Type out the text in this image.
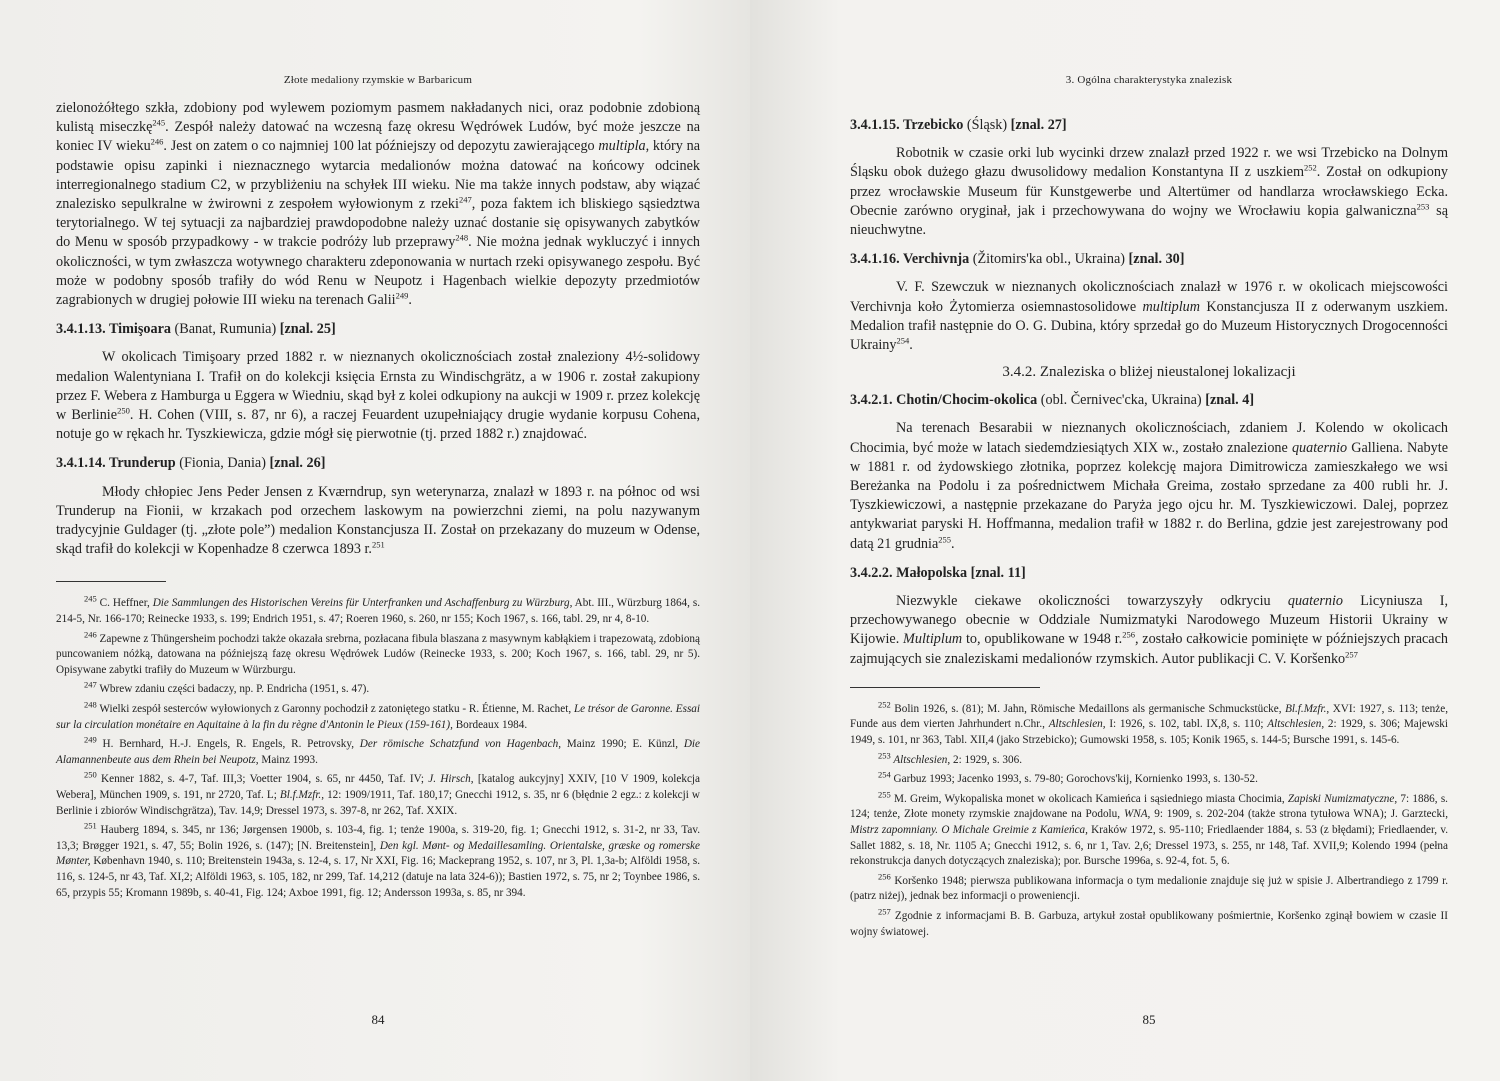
Złote medaliony rzymskie w Barbaricum

zielonożółtego szkła, zdobiony pod wylewem poziomym pasmem nakładanych nici, oraz podobnie zdobioną kulistą miseczkę$^{245}$. Zespół należy datować na wczesną fazę okresu Wędrówek Ludów, być może jeszcze na koniec IV wieku$^{246}$. Jest on zatem o co najmniej 100 lat późniejszy od depozytu zawierającego multipla, który na podstawie opisu zapinki i nieznacznego wytarcia medalionów można datować na końcowy odcinek interregionalnego stadium C2, w przybliżeniu na schyłek III wieku. Nie ma także innych podstaw, aby wiązać znalezisko sepulkralne w żwirowni z zespołem wyłowionym z rzeki$^{247}$, poza faktem ich bliskiego sąsiedztwa terytorialnego. W tej sytuacji za najbardziej prawdopodobne należy uznać dostanie się opisywanych zabytków do Menu w sposób przypadkowy - w trakcie podróży lub przeprawy$^{248}$. Nie można jednak wykluczyć i innych okoliczności, w tym zwłaszcza wotywnego charakteru zdeponowania w nurtach rzeki opisywanego zespołu. Być może w podobny sposób trafiły do wód Renu w Neupotz i Hagenbach wielkie depozyty przedmiotów zagrabionych w drugiej połowie III wieku na terenach Galii$^{249}$.

3.4.1.13. Timişoara (Banat, Rumunia) [znal. 25]

W okolicach Timişoary przed 1882 r. w nieznanych okolicznościach został znaleziony 4½-solidowy medalion Walentyniana I. Trafił on do kolekcji księcia Ernsta zu Windischgrätz, a w 1906 r. został zakupiony przez F. Webera z Hamburga u Eggera w Wiedniu, skąd był z kolei odkupiony na aukcji w 1909 r. przez kolekcję w Berlinie$^{250}$. H. Cohen (VIII, s. 87, nr 6), a raczej Feuardent uzupełniający drugie wydanie korpusu Cohena, notuje go w rękach hr. Tyszkiewicza, gdzie mógł się pierwotnie (tj. przed 1882 r.) znajdować.

3.4.1.14. Trunderup (Fionia, Dania) [znal. 26]

Młody chłopiec Jens Peder Jensen z Kværndrup, syn weterynarza, znalazł w 1893 r. na północ od wsi Trunderup na Fionii, w krzakach pod orzechem laskowym na powierzchni ziemi, na polu nazywanym tradycyjnie Guldager (tj. „złote pole”) medalion Konstancjusza II. Został on przekazany do muzeum w Odense, skąd trafił do kolekcji w Kopenhadze 8 czerwca 1893 r.$^{251}$

$^{245}$ C. Heffner, Die Sammlungen des Historischen Vereins für Unterfranken und Aschaffenburg zu Würzburg, Abt. III., Würzburg 1864, s. 214-5, Nr. 166-170; Reinecke 1933, s. 199; Endrich 1951, s. 47; Roeren 1960, s. 260, nr 155; Koch 1967, s. 166, tabl. 29, nr 4, 8-10.

$^{246}$ Zapewne z Thüngersheim pochodzi także okazała srebrna, pozłacana fibula blaszana z masywnym kabłąkiem i trapezowatą, zdobioną puncowaniem nóżką, datowana na późniejszą fazę okresu Wędrówek Ludów (Reinecke 1933, s. 200; Koch 1967, s. 166, tabl. 29, nr 5). Opisywane zabytki trafiły do Muzeum w Würzburgu.

$^{247}$ Wbrew zdaniu części badaczy, np. P. Endricha (1951, s. 47).

$^{248}$ Wielki zespół sesterców wyłowionych z Garonny pochodził z zatoniętego statku - R. Étienne, M. Rachet, Le trésor de Garonne. Essai sur la circulation monétaire en Aquitaine à la fin du règne d'Antonin le Pieux (159-161), Bordeaux 1984.

$^{249}$ H. Bernhard, H.-J. Engels, R. Engels, R. Petrovsky, Der römische Schatzfund von Hagenbach, Mainz 1990; E. Künzl, Die Alamannenbeute aus dem Rhein bei Neupotz, Mainz 1993.

$^{250}$ Kenner 1882, s. 4-7, Taf. III,3; Voetter 1904, s. 65, nr 4450, Taf. IV; J. Hirsch, [katalog aukcyjny] XXIV, [10 V 1909, kolekcja Webera], München 1909, s. 191, nr 2720, Taf. L; Bl.f.Mzfr., 12: 1909/1911, Taf. 180,17; Gnecchi 1912, s. 35, nr 6 (błędnie 2 egz.: z kolekcji w Berlinie i zbiorów Windischgrätza), Tav. 14,9; Dressel 1973, s. 397-8, nr 262, Taf. XXIX.

$^{251}$ Hauberg 1894, s. 345, nr 136; Jørgensen 1900b, s. 103-4, fig. 1; tenże 1900a, s. 319-20, fig. 1; Gnecchi 1912, s. 31-2, nr 33, Tav. 13,3; Brøgger 1921, s. 47, 55; Bolin 1926, s. (147); [N. Breitenstein], Den kgl. Mønt- og Medaillesamling. Orientalske, græske og romerske Mønter, København 1940, s. 110; Breitenstein 1943a, s. 12-4, s. 17, Nr XXI, Fig. 16; Mackeprang 1952, s. 107, nr 3, Pl. 1,3a-b; Alföldi 1958, s. 116, s. 124-5, nr 43, Taf. XI,2; Alföldi 1963, s. 105, 182, nr 299, Taf. 14,212 (datuje na lata 324-6)); Bastien 1972, s. 75, nr 2; Toynbee 1986, s. 65, przypis 55; Kromann 1989b, s. 40-41, Fig. 124; Axboe 1991, fig. 12; Andersson 1993a, s. 85, nr 394.

84
3. Ogólna charakterystyka znalezisk
3.4.1.15. Trzebicko (Śląsk) [znal. 27]

Robotnik w czasie orki lub wycinki drzew znalazł przed 1922 r. we wsi Trzebicko na Dolnym Śląsku obok dużego głazu dwusolidowy medalion Konstantyna II z uszkiem$^{252}$. Został on odkupiony przez wrocławskie Museum für Kunstgewerbe und Altertümer od handlarza wrocławskiego Ecka. Obecnie zarówno oryginał, jak i przechowywana do wojny we Wrocławiu kopia galwaniczna$^{253}$ są nieuchwytne.

3.4.1.16. Verchivnja (Žitomirs'ka obl., Ukraina) [znal. 30]

V. F. Szewczuk w nieznanych okolicznościach znalazł w 1976 r. w okolicach miejscowości Verchivnja koło Żytomierza osiemnastosolidowe multiplum Konstancjusza II z oderwanym uszkiem. Medalion trafił następnie do O. G. Dubina, który sprzedał go do Muzeum Historycznych Drogocenności Ukrainy$^{254}$.

3.4.2. Znaleziska o bliżej nieustalonej lokalizacji
3.4.2.1. Chotin/Chocim-okolica (obl. Černivec'cka, Ukraina) [znal. 4]

Na terenach Besarabii w nieznanych okolicznościach, zdaniem J. Kolendo w okolicach Chocimia, być może w latach siedemdziesiątych XIX w., zostało znalezione quaternio Galliena. Nabyte w 1881 r. od żydowskiego złotnika, poprzez kolekcję majora Dimitrowicza zamieszkałego we wsi Bereżanka na Podolu i za pośrednictwem Michała Greima, zostało sprzedane za 400 rubli hr. J. Tyszkiewiczowi, a następnie przekazane do Paryża jego ojcu hr. M. Tyszkiewiczowi. Dalej, poprzez antykwariat paryski H. Hoffmanna, medalion trafił w 1882 r. do Berlina, gdzie jest zarejestrowany pod datą 21 grudnia$^{255}$.

3.4.2.2. Małopolska [znal. 11]

Niezwykle ciekawe okoliczności towarzyszyły odkryciu quaternio Licyniusza I, przechowywanego obecnie w Oddziale Numizmatyki Narodowego Muzeum Historii Ukrainy w Kijowie. Multiplum to, opublikowane w 1948 r.$^{256}$, zostało całkowicie pominięte w późniejszych pracach zajmujących sie znaleziskami medalionów rzymskich. Autor publikacji C. V. Koršenko$^{257}$

$^{252}$ Bolin 1926, s. (81); M. Jahn, Römische Medaillons als germanische Schmuckstücke, Bl.f.Mzfr., XVI: 1927, s. 113; tenże, Funde aus dem vierten Jahrhundert n.Chr., Altschlesien, I: 1926, s. 102, tabl. IX,8, s. 110; Altschlesien, 2: 1929, s. 306; Majewski 1949, s. 101, nr 363, Tabl. XII,4 (jako Strzebicko); Gumowski 1958, s. 105; Konik 1965, s. 144-5; Bursche 1991, s. 145-6.

$^{253}$ Altschlesien, 2: 1929, s. 306.

$^{254}$ Garbuz 1993; Jacenko 1993, s. 79-80; Gorochovs'kij, Kornienko 1993, s. 130-52.

$^{255}$ M. Greim, Wykopaliska monet w okolicach Kamieńca i sąsiedniego miasta Chocimia, Zapiski Numizmatyczne, 7: 1886, s. 124; tenże, Złote monety rzymskie znajdowane na Podolu, WNA, 9: 1909, s. 202-204 (także strona tytułowa WNA); J. Garztecki, Mistrz zapomniany. O Michale Greimie z Kamieńca, Kraków 1972, s. 95-110; Friedlaender 1884, s. 53 (z błędami); Friedlaender, v. Sallet 1882, s. 18, Nr. 1105 A; Gnecchi 1912, s. 6, nr 1, Tav. 2,6; Dressel 1973, s. 255, nr 148, Taf. XVII,9; Kolendo 1994 (pełna rekonstrukcja danych dotyczących znaleziska); por. Bursche 1996a, s. 92-4, fot. 5, 6.

$^{256}$ Koršenko 1948; pierwsza publikowana informacja o tym medalionie znajduje się już w spisie J. Albertrandiego z 1799 r. (patrz niżej), jednak bez informacji o proweniencji.

$^{257}$ Zgodnie z informacjami B. B. Garbuza, artykuł został opublikowany pośmiertnie, Koršenko zginął bowiem w czasie II wojny światowej.

85
